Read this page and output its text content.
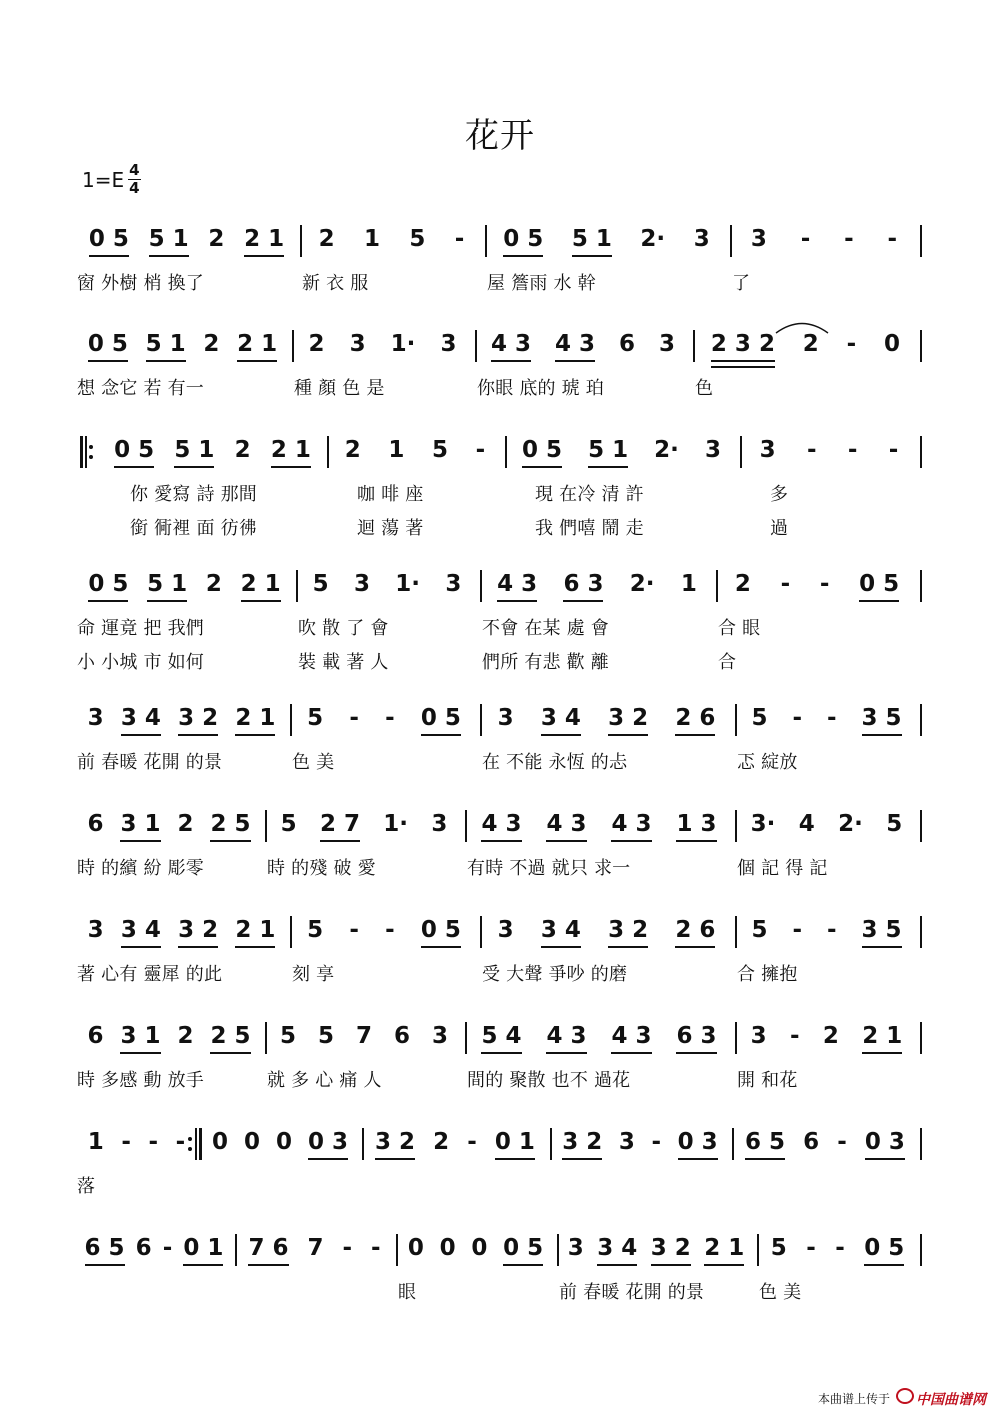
花开
1=E 4
4
0 5 5 1 2 2 1 2 1 5 - 0 5 5 1 2· 3 3 - - -
窗 外樹 梢 換了	新 衣 服	屋 簷雨 水 幹	了
0 5 5 1 2 2 1 2 3 1· 3 4 3 4 3 6 3 2 3 2 2 - 0
想 念它 若 有一	種 顏 色 是	你眼 底的 琥 珀	色
0 5 5 1 2 2 1 2 1 5 - 0 5 5 1 2· 3 3 - - -
你 愛寫 詩 那間	咖 啡 座	現 在冷 清 許	多
銜 衕裡 面 彷彿	迴 蕩 著	我 們嘻 鬧 走	過
0 5 5 1 2 2 1 5 3 1· 3 4 3 6 3 2· 1 2 - - 0 5
命 運竟 把 我們	吹 散 了 會	不會 在某 處 會	合 眼
小 小城 市 如何	裝 載 著 人	們所 有悲 歡 離	合
3 3 4 3 2 2 1 5 - - 0 5 3 3 4 3 2 2 6 5 - - 3 5
前 春暖 花開 的景	色 美	在 不能 永恆 的忐	忑 綻放
6 3 1 2 2 5 5 2 7 1· 3 4 3 4 3 4 3 1 3 3· 4 2· 5
時 的繽 紛 彫零	時 的殘 破 愛	有時 不過 就只 求一	個 記 得 記
3 3 4 3 2 2 1 5 - - 0 5 3 3 4 3 2 2 6 5 - - 3 5
著 心有 靈犀 的此	刻 享	受 大聲 爭吵 的磨	合 擁抱
6 3 1 2 2 5 5 5 7 6 3 5 4 4 3 4 3 6 3 3 - 2 2 1
時 多感 動 放手	就 多 心 痛 人	間的 聚散 也不 過花	開 和花
1 - - - 0 0 0 0 3 3 2 2 - 0 1 3 2 3 - 0 3 6 5 6 - 0 3
落
6 5 6 - 0 1 7 6 7 - - 0 0 0 0 5 3 3 4 3 2 2 1 5 - - 0 5
眼	前 春暖 花開 的景	色 美
本曲谱上传于	中国曲谱网
